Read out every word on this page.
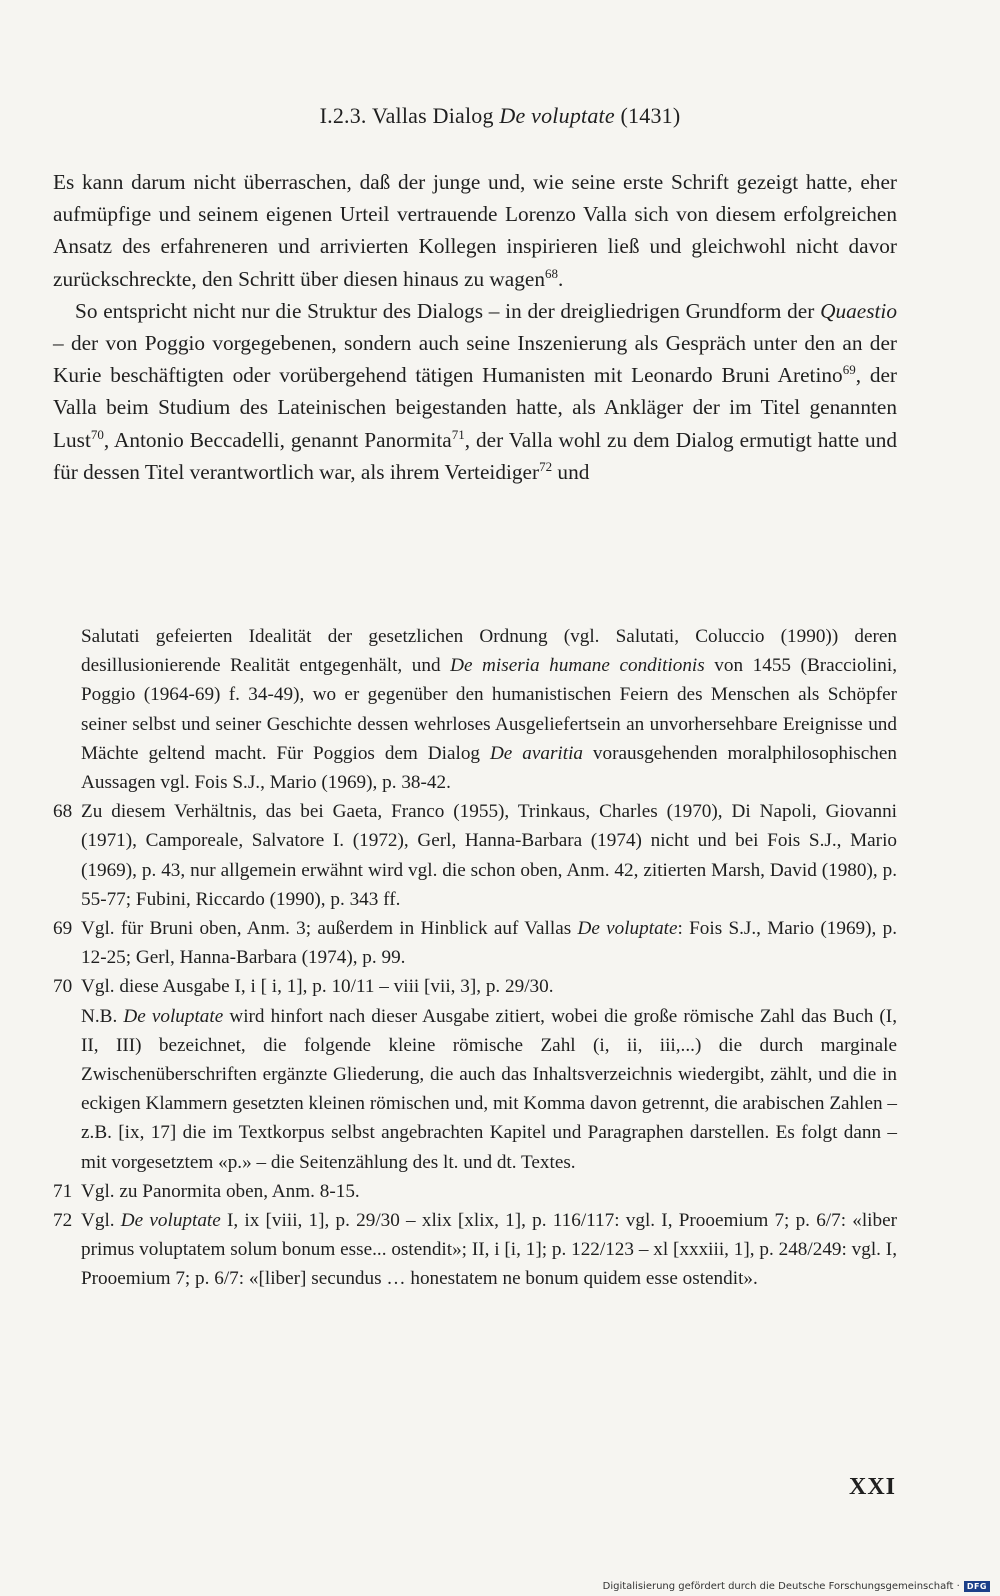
I.2.3. Vallas Dialog De voluptate (1431)

Es kann darum nicht überraschen, daß der junge und, wie seine erste Schrift gezeigt hatte, eher aufmüpfige und seinem eigenen Urteil vertrauende Lorenzo Valla sich von diesem erfolgreichen Ansatz des erfahreneren und arrivierten Kollegen inspirieren ließ und gleichwohl nicht davor zurückschreckte, den Schritt über diesen hinaus zu wagen$^{68}$.

So entspricht nicht nur die Struktur des Dialogs – in der dreigliedrigen Grundform der Quaestio – der von Poggio vorgegebenen, sondern auch seine Inszenierung als Gespräch unter den an der Kurie beschäftigten oder vorübergehend tätigen Humanisten mit Leonardo Bruni Aretino$^{69}$, der Valla beim Studium des Lateinischen beigestanden hatte, als Ankläger der im Titel genannten Lust$^{70}$, Antonio Beccadelli, genannt Panormita$^{71}$, der Valla wohl zu dem Dialog ermutigt hatte und für dessen Titel verantwortlich war, als ihrem Verteidiger$^{72}$ und

Salutati gefeierten Idealität der gesetzlichen Ordnung (vgl. Salutati, Coluccio (1990)) deren desillusionierende Realität entgegenhält, und De miseria humane conditionis von 1455 (Bracciolini, Poggio (1964-69) f. 34-49), wo er gegenüber den humanistischen Feiern des Menschen als Schöpfer seiner selbst und seiner Geschichte dessen wehrloses Ausgeliefertsein an unvorhersehbare Ereignisse und Mächte geltend macht. Für Poggios dem Dialog De avaritia vorausgehenden moralphilosophischen Aussagen vgl. Fois S.J., Mario (1969), p. 38-42.

68 Zu diesem Verhältnis, das bei Gaeta, Franco (1955), Trinkaus, Charles (1970), Di Napoli, Giovanni (1971), Camporeale, Salvatore I. (1972), Gerl, Hanna-Barbara (1974) nicht und bei Fois S.J., Mario (1969), p. 43, nur allgemein erwähnt wird vgl. die schon oben, Anm. 42, zitierten Marsh, David (1980), p. 55-77; Fubini, Riccardo (1990), p. 343 ff.
69 Vgl. für Bruni oben, Anm. 3; außerdem in Hinblick auf Vallas De voluptate: Fois S.J., Mario (1969), p. 12-25; Gerl, Hanna-Barbara (1974), p. 99.
70 Vgl. diese Ausgabe I, i [ i, 1], p. 10/11 – viii [vii, 3], p. 29/30.
N.B. De voluptate wird hinfort nach dieser Ausgabe zitiert, wobei die große römische Zahl das Buch (I, II, III) bezeichnet, die folgende kleine römische Zahl (i, ii, iii,...) die durch marginale Zwischenüberschriften ergänzte Gliederung, die auch das Inhaltsverzeichnis wiedergibt, zählt, und die in eckigen Klammern gesetzten kleinen römischen und, mit Komma davon getrennt, die arabischen Zahlen – z.B. [ix, 17] die im Textkorpus selbst angebrachten Kapitel und Paragraphen darstellen. Es folgt dann – mit vorgesetztem «p.» – die Seitenzählung des lt. und dt. Textes.
71 Vgl. zu Panormita oben, Anm. 8-15.
72 Vgl. De voluptate I, ix [viii, 1], p. 29/30 – xlix [xlix, 1], p. 116/117: vgl. I, Prooemium 7; p. 6/7: «liber primus voluptatem solum bonum esse... ostendit»; II, i [i, 1]; p. 122/123 – xl [xxxiii, 1], p. 248/249: vgl. I, Prooemium 7; p. 6/7: «[liber] secundus … honestatem ne bonum quidem esse ostendit».
XXI
Digitalisierung gefördert durch die Deutsche Forschungsgemeinschaft · DFG
